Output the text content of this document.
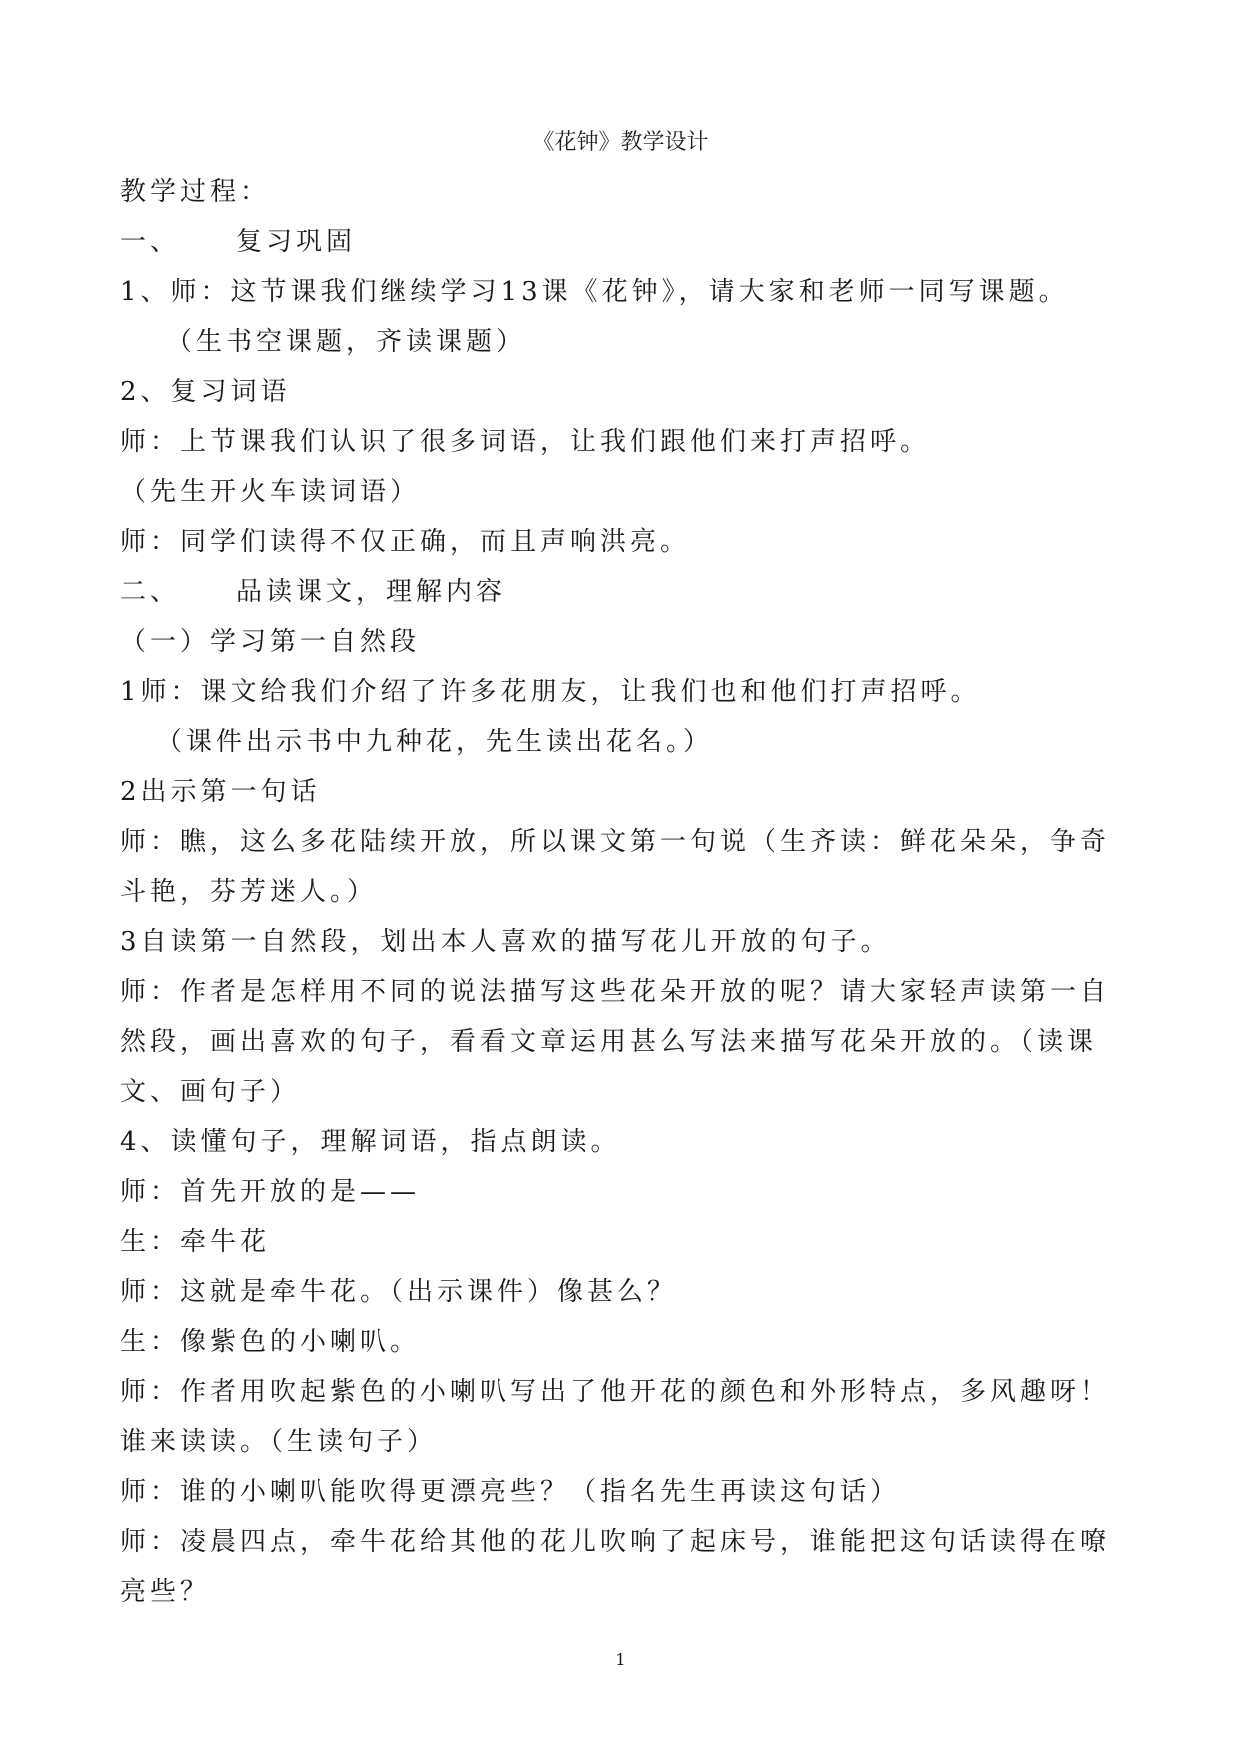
《花钟》教学设计
教学过程：
一、 复习巩固
1、师：这节课我们继续学习13课《花钟》，请大家和老师一同写课题。
（生书空课题，齐读课题）
2、复习词语
师：上节课我们认识了很多词语，让我们跟他们来打声招呼。
（先生开火车读词语）
师：同学们读得不仅正确，而且声响洪亮。
二、 品读课文，理解内容
（一）学习第一自然段
1师：课文给我们介绍了许多花朋友，让我们也和他们打声招呼。
（课件出示书中九种花，先生读出花名。）
2出示第一句话
师：瞧，这么多花陆续开放，所以课文第一句说（生齐读：鲜花朵朵，争奇斗艳，芬芳迷人。）
3自读第一自然段，划出本人喜欢的描写花儿开放的句子。
师：作者是怎样用不同的说法描写这些花朵开放的呢？请大家轻声读第一自然段，画出喜欢的句子，看看文章运用甚么写法来描写花朵开放的。（读课文、画句子）
4、读懂句子，理解词语，指点朗读。
师：首先开放的是——
生：牵牛花
师：这就是牵牛花。（出示课件）像甚么？
生：像紫色的小喇叭。
师：作者用吹起紫色的小喇叭写出了他开花的颜色和外形特点，多风趣呀！谁来读读。（生读句子）
师：谁的小喇叭能吹得更漂亮些？（指名先生再读这句话）
师：凌晨四点，牵牛花给其他的花儿吹响了起床号，谁能把这句话读得在嘹亮些？
1
